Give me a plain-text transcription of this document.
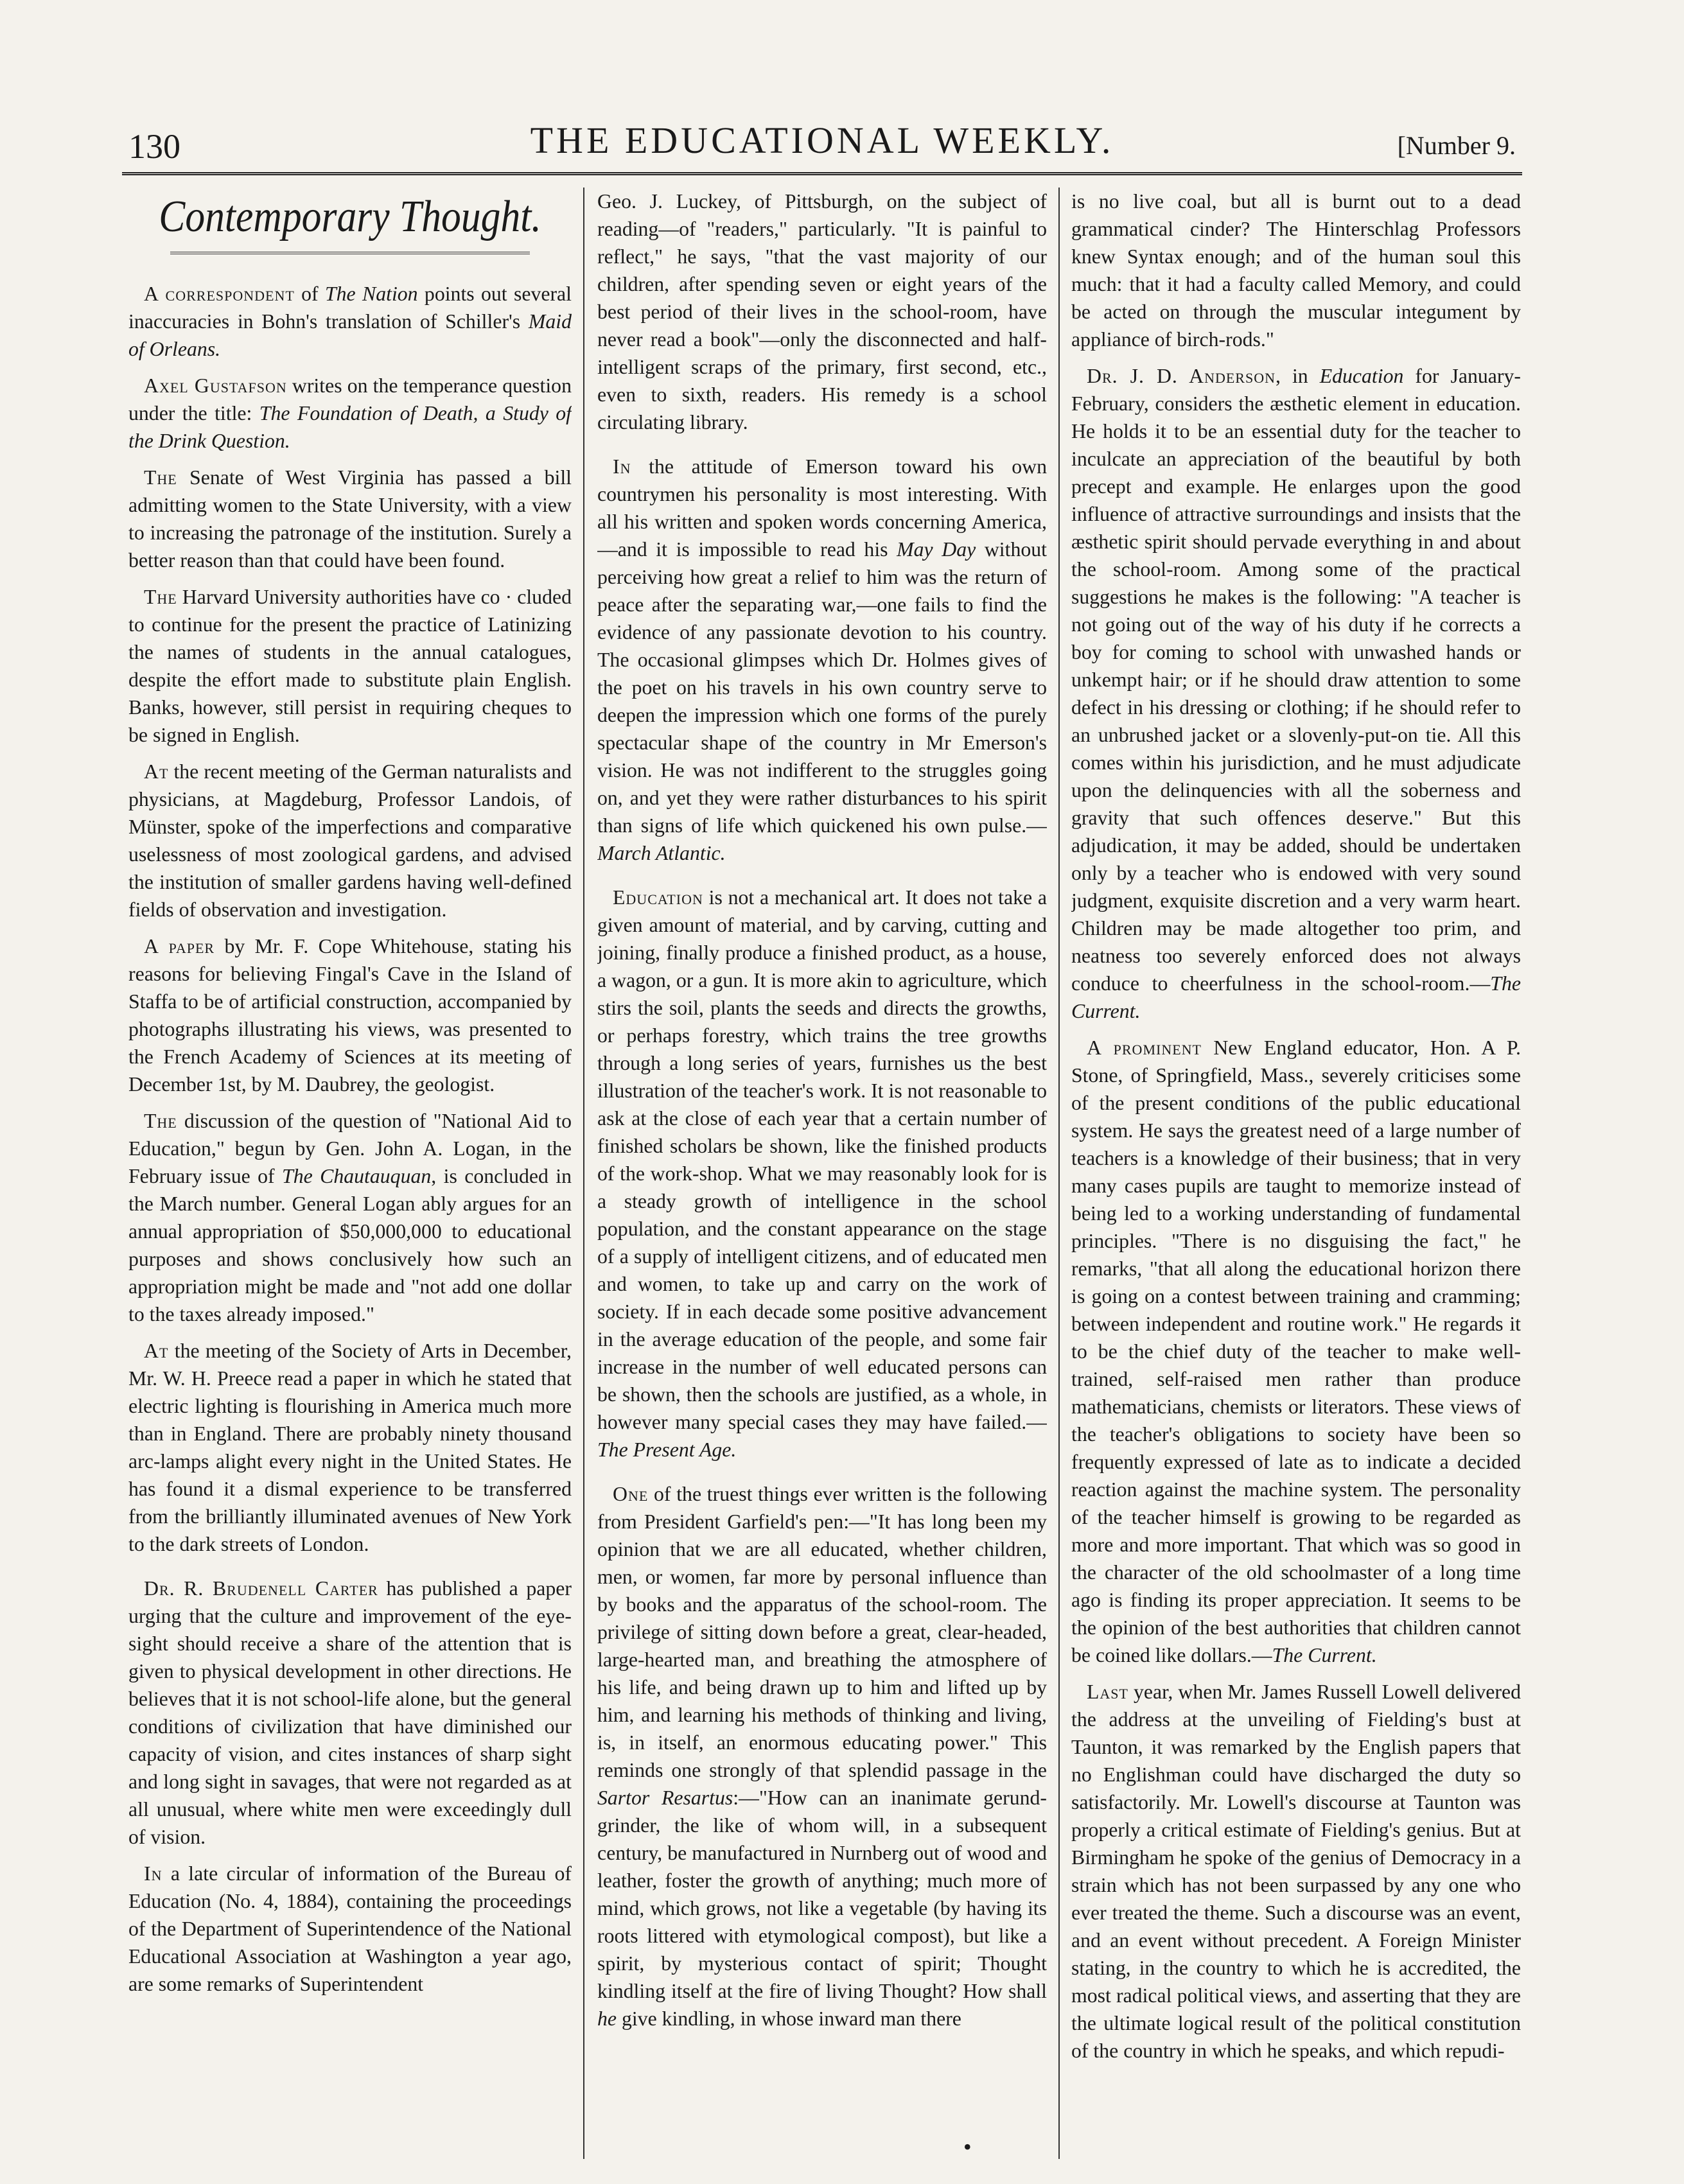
130	THE EDUCATIONAL WEEKLY.	[Number 9.
Contemporary Thought.

A correspondent of The Nation points out several inaccuracies in Bohn's translation of Schiller's Maid of Orleans.

Axel Gustafson writes on the temperance question under the title: The Foundation of Death, a Study of the Drink Question.

The Senate of West Virginia has passed a bill admitting women to the State University, with a view to increasing the patronage of the institution. Surely a better reason than that could have been found.

The Harvard University authorities have co · cluded to continue for the present the practice of Latinizing the names of students in the annual catalogues, despite the effort made to substitute plain English. Banks, however, still persist in requiring cheques to be signed in English.

At the recent meeting of the German naturalists and physicians, at Magdeburg, Professor Landois, of Münster, spoke of the imperfections and comparative uselessness of most zoological gardens, and advised the institution of smaller gardens having well-defined fields of observation and investigation.

A paper by Mr. F. Cope Whitehouse, stating his reasons for believing Fingal's Cave in the Island of Staffa to be of artificial construction, accompanied by photographs illustrating his views, was presented to the French Academy of Sciences at its meeting of December 1st, by M. Daubrey, the geologist.

The discussion of the question of "National Aid to Education," begun by Gen. John A. Logan, in the February issue of The Chautauquan, is concluded in the March number. General Logan ably argues for an annual appropriation of $50,000,000 to educational purposes and shows conclusively how such an appropriation might be made and "not add one dollar to the taxes already imposed."

At the meeting of the Society of Arts in December, Mr. W. H. Preece read a paper in which he stated that electric lighting is flourishing in America much more than in England. There are probably ninety thousand arc-lamps alight every night in the United States. He has found it a dismal experience to be transferred from the brilliantly illuminated avenues of New York to the dark streets of London.

Dr. R. Brudenell Carter has published a paper urging that the culture and improvement of the eye-sight should receive a share of the attention that is given to physical development in other directions. He believes that it is not school-life alone, but the general conditions of civilization that have diminished our capacity of vision, and cites instances of sharp sight and long sight in savages, that were not regarded as at all unusual, where white men were exceedingly dull of vision.

In a late circular of information of the Bureau of Education (No. 4, 1884), containing the proceedings of the Department of Superintendence of the National Educational Association at Washington a year ago, are some remarks of Superintendent

Geo. J. Luckey, of Pittsburgh, on the subject of reading—of "readers," particularly. "It is painful to reflect," he says, "that the vast majority of our children, after spending seven or eight years of the best period of their lives in the school-room, have never read a book"—only the disconnected and half-intelligent scraps of the primary, first second, etc., even to sixth, readers. His remedy is a school circulating library.

In the attitude of Emerson toward his own countrymen his personality is most interesting. With all his written and spoken words concerning America,—and it is impossible to read his May Day without perceiving how great a relief to him was the return of peace after the separating war,—one fails to find the evidence of any passionate devotion to his country. The occasional glimpses which Dr. Holmes gives of the poet on his travels in his own country serve to deepen the impression which one forms of the purely spectacular shape of the country in Mr Emerson's vision. He was not indifferent to the struggles going on, and yet they were rather disturbances to his spirit than signs of life which quickened his own pulse.—March Atlantic.

Education is not a mechanical art. It does not take a given amount of material, and by carving, cutting and joining, finally produce a finished product, as a house, a wagon, or a gun. It is more akin to agriculture, which stirs the soil, plants the seeds and directs the growths, or perhaps forestry, which trains the tree growths through a long series of years, furnishes us the best illustration of the teacher's work. It is not reasonable to ask at the close of each year that a certain number of finished scholars be shown, like the finished products of the work-shop. What we may reasonably look for is a steady growth of intelligence in the school population, and the constant appearance on the stage of a supply of intelligent citizens, and of educated men and women, to take up and carry on the work of society. If in each decade some positive advancement in the average education of the people, and some fair increase in the number of well educated persons can be shown, then the schools are justified, as a whole, in however many special cases they may have failed.—The Present Age.

One of the truest things ever written is the following from President Garfield's pen:—"It has long been my opinion that we are all educated, whether children, men, or women, far more by personal influence than by books and the apparatus of the school-room. The privilege of sitting down before a great, clear-headed, large-hearted man, and breathing the atmosphere of his life, and being drawn up to him and lifted up by him, and learning his methods of thinking and living, is, in itself, an enormous educating power." This reminds one strongly of that splendid passage in the Sartor Resartus:—"How can an inanimate gerund-grinder, the like of whom will, in a subsequent century, be manufactured in Nurnberg out of wood and leather, foster the growth of anything; much more of mind, which grows, not like a vegetable (by having its roots littered with etymological compost), but like a spirit, by mysterious contact of spirit; Thought kindling itself at the fire of living Thought? How shall he give kindling, in whose inward man there

is no live coal, but all is burnt out to a dead grammatical cinder? The Hinterschlag Professors knew Syntax enough; and of the human soul this much: that it had a faculty called Memory, and could be acted on through the muscular integument by appliance of birch-rods."

Dr. J. D. Anderson, in Education for January-February, considers the æsthetic element in education. He holds it to be an essential duty for the teacher to inculcate an appreciation of the beautiful by both precept and example. He enlarges upon the good influence of attractive surroundings and insists that the æsthetic spirit should pervade everything in and about the school-room. Among some of the practical suggestions he makes is the following: "A teacher is not going out of the way of his duty if he corrects a boy for coming to school with unwashed hands or unkempt hair; or if he should draw attention to some defect in his dressing or clothing; if he should refer to an unbrushed jacket or a slovenly-put-on tie. All this comes within his jurisdiction, and he must adjudicate upon the delinquencies with all the soberness and gravity that such offences deserve." But this adjudication, it may be added, should be undertaken only by a teacher who is endowed with very sound judgment, exquisite discretion and a very warm heart. Children may be made altogether too prim, and neatness too severely enforced does not always conduce to cheerfulness in the school-room.—The Current.

A prominent New England educator, Hon. A P. Stone, of Springfield, Mass., severely criticises some of the present conditions of the public educational system. He says the greatest need of a large number of teachers is a knowledge of their business; that in very many cases pupils are taught to memorize instead of being led to a working understanding of fundamental principles. "There is no disguising the fact," he remarks, "that all along the educational horizon there is going on a contest between training and cramming; between independent and routine work." He regards it to be the chief duty of the teacher to make well-trained, self-raised men rather than produce mathematicians, chemists or literators. These views of the teacher's obligations to society have been so frequently expressed of late as to indicate a decided reaction against the machine system. The personality of the teacher himself is growing to be regarded as more and more important. That which was so good in the character of the old schoolmaster of a long time ago is finding its proper appreciation. It seems to be the opinion of the best authorities that children cannot be coined like dollars.—The Current.

Last year, when Mr. James Russell Lowell delivered the address at the unveiling of Fielding's bust at Taunton, it was remarked by the English papers that no Englishman could have discharged the duty so satisfactorily. Mr. Lowell's discourse at Taunton was properly a critical estimate of Fielding's genius. But at Birmingham he spoke of the genius of Democracy in a strain which has not been surpassed by any one who ever treated the theme. Such a discourse was an event, and an event without precedent. A Foreign Minister stating, in the country to which he is accredited, the most radical political views, and asserting that they are the ultimate logical result of the political constitution of the country in which he speaks, and which repudi-

•
